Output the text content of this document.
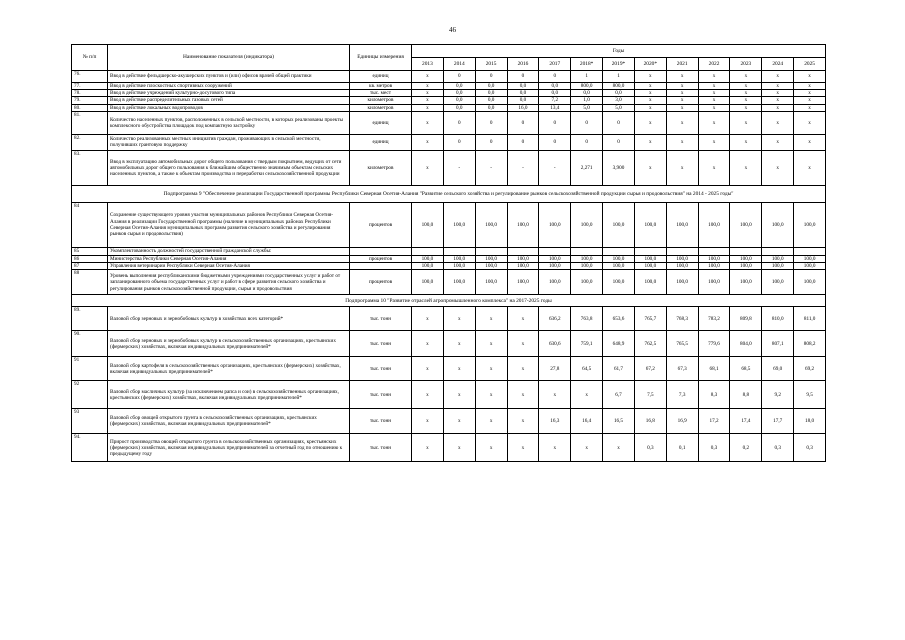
46
№ п/п	Наименование показателя (индикатора)	Единицы измерения	Годы												
			2013	2014	2015	2016	2017	2018*	2019*	2020*	2021	2022	2023	2024	2025
76.	Ввод в действие фельдшерско-акушерских пунктов и (или) офисов врачей общей практики	единиц	x	0	0	0	0	1	1	x	x	x	x	x	x
77.	Ввод в действие плоскостных спортивных сооружений	кв. метров	x	0,0	0,0	0,0	0,0	800,0	800,0	x	x	x	x	x	x
78.	Ввод в действие учреждений культурно-досугового типа	тыс. мест	x	0,0	0,0	0,0	0,0	0,0	0,0	x	x	x	x	x	x
79.	Ввод в действие распределительных газовых сетей	километров	x	0,0	0,0	0,0	7,2	1,0	3,0	x	x	x	x	x	x
80.	Ввод в действие локальных водопроводов	километров	x	0,0	0,0	16,0	13,4	5,0	5,0	x	x	x	x	x	x
81.	Количество населенных пунктов, расположенных в сельской местности, в которых реализованы проекты комплексного обустройства площадок под компактную застройку	единиц	x	0	0	0	0	0	0	x	x	x	x	x	x
82.	Количество реализованных местных инициатив граждан, проживающих в сельской местности, получивших грантовую поддержку	единиц	x	0	0	0	0	0	0	x	x	x	x	x	x
83.	Ввод в эксплуатацию автомобильных дорог общего пользования с твердым покрытием, ведущих от сети автомобильных дорог общего пользования к ближайшим общественно значимым объектам сельских населенных пунктов, а также к объектам производства и переработки сельскохозяйственной продукции	километров	x	-	-	-	-	2,271	3,900	x	x	x	x	x	x
Подпрограмма 9 "Обеспечение реализации Государственной программы Республики Северная Осетия-Алания "Развитие сельского хозяйства и регулирование рынков сельскохозяйственной продукции сырья и продовольствия" на 2014 - 2025 годы"															
84	Сохранение существующего уровня участия муниципальных районов Республики Северная Осетия-Алания в реализации Государственной программы (наличие в муниципальных районах Республики Северная Осетия-Алания муниципальных программ развития сельского хозяйства и регулирования рынков сырья и продовольствия)	процентов	100,0	100,0	100,0	100,0	100,0	100,0	100,0	100,0	100,0	100,0	100,0	100,0	100,0
85	Укомплектованность должностей государственной гражданской службы:														
86	Министерства Республики Северная Осетия-Алания	процентов	100,0	100,0	100,0	100,0	100,0	100,0	100,0	100,0	100,0	100,0	100,0	100,0	100,0
87	Управления ветеринарии Республики Северная Осетия-Алания		100,0	100,0	100,0	100,0	100,0	100,0	100,0	100,0	100,0	100,0	100,0	100,0	100,0
88	Уровень выполнения республиканскими бюджетными учреждениями государственных услуг и работ от запланированного объема государственных услуг и работ в сфере развития сельского хозяйства и регулирования рынков сельскохозяйственной продукции, сырья и продовольствия	процентов	100,0	100,0	100,0	100,0	100,0	100,0	100,0	100,0	100,0	100,0	100,0	100,0	100,0
Подпрограмма 10 "Развитие отраслей агропромышленного комплекса" на 2017-2025 годы															
89.	Валовой сбор зерновых и зернобобовых культур в хозяйствах всех категорий*	тыс. тонн	x	x	x	x	636,2	763,8	653,6	765,7	768,3	783,2	809,8	810,0	811,0
90.	Валовой сбор зерновых и зернобобовых культур в сельскохозяйственных организациях, крестьянских (фермерских) хозяйствах, включая индивидуальных предпринимателей*	тыс. тонн	x	x	x	x	630,6	759,1	648,9	762,5	765,5	779,6	804,0	807,1	808,2
91	Валовой сбор картофеля в сельскохозяйственных организациях, крестьянских (фермерских) хозяйствах, включая индивидуальных предпринимателей*	тыс. тонн	x	x	x	x	27,8	64,5	61,7	67,2	67,3	68,1	68,5	69,0	69,2
92	Валовой сбор масличных культур (за исключением рапса и сои) в сельскохозяйственных организациях, крестьянских (фермерских) хозяйствах, включая индивидуальных предпринимателей*	тыс. тонн	x	x	x	x	x	x	6,7	7,5	7,3	8,3	8,8	9,2	9,5
93	Валовой сбор овощей открытого грунта в сельскохозяйственных организациях, крестьянских (фермерских) хозяйствах, включая индивидуальных предпринимателей*	тыс. тонн	x	x	x	x	16,3	16,4	16,5	16,8	16,9	17,2	17,4	17,7	18,0
94.	Прирост производства овощей открытого грунта в сельскохозяйственных организациях, крестьянских (фермерских) хозяйствах, включая индивидуальных предпринимателей за отчетный год по отношению к предыдущему году	тыс. тонн	x	x	x	x	x	x	x	0,3	0,1	0,3	0,2	0,3	0,3
